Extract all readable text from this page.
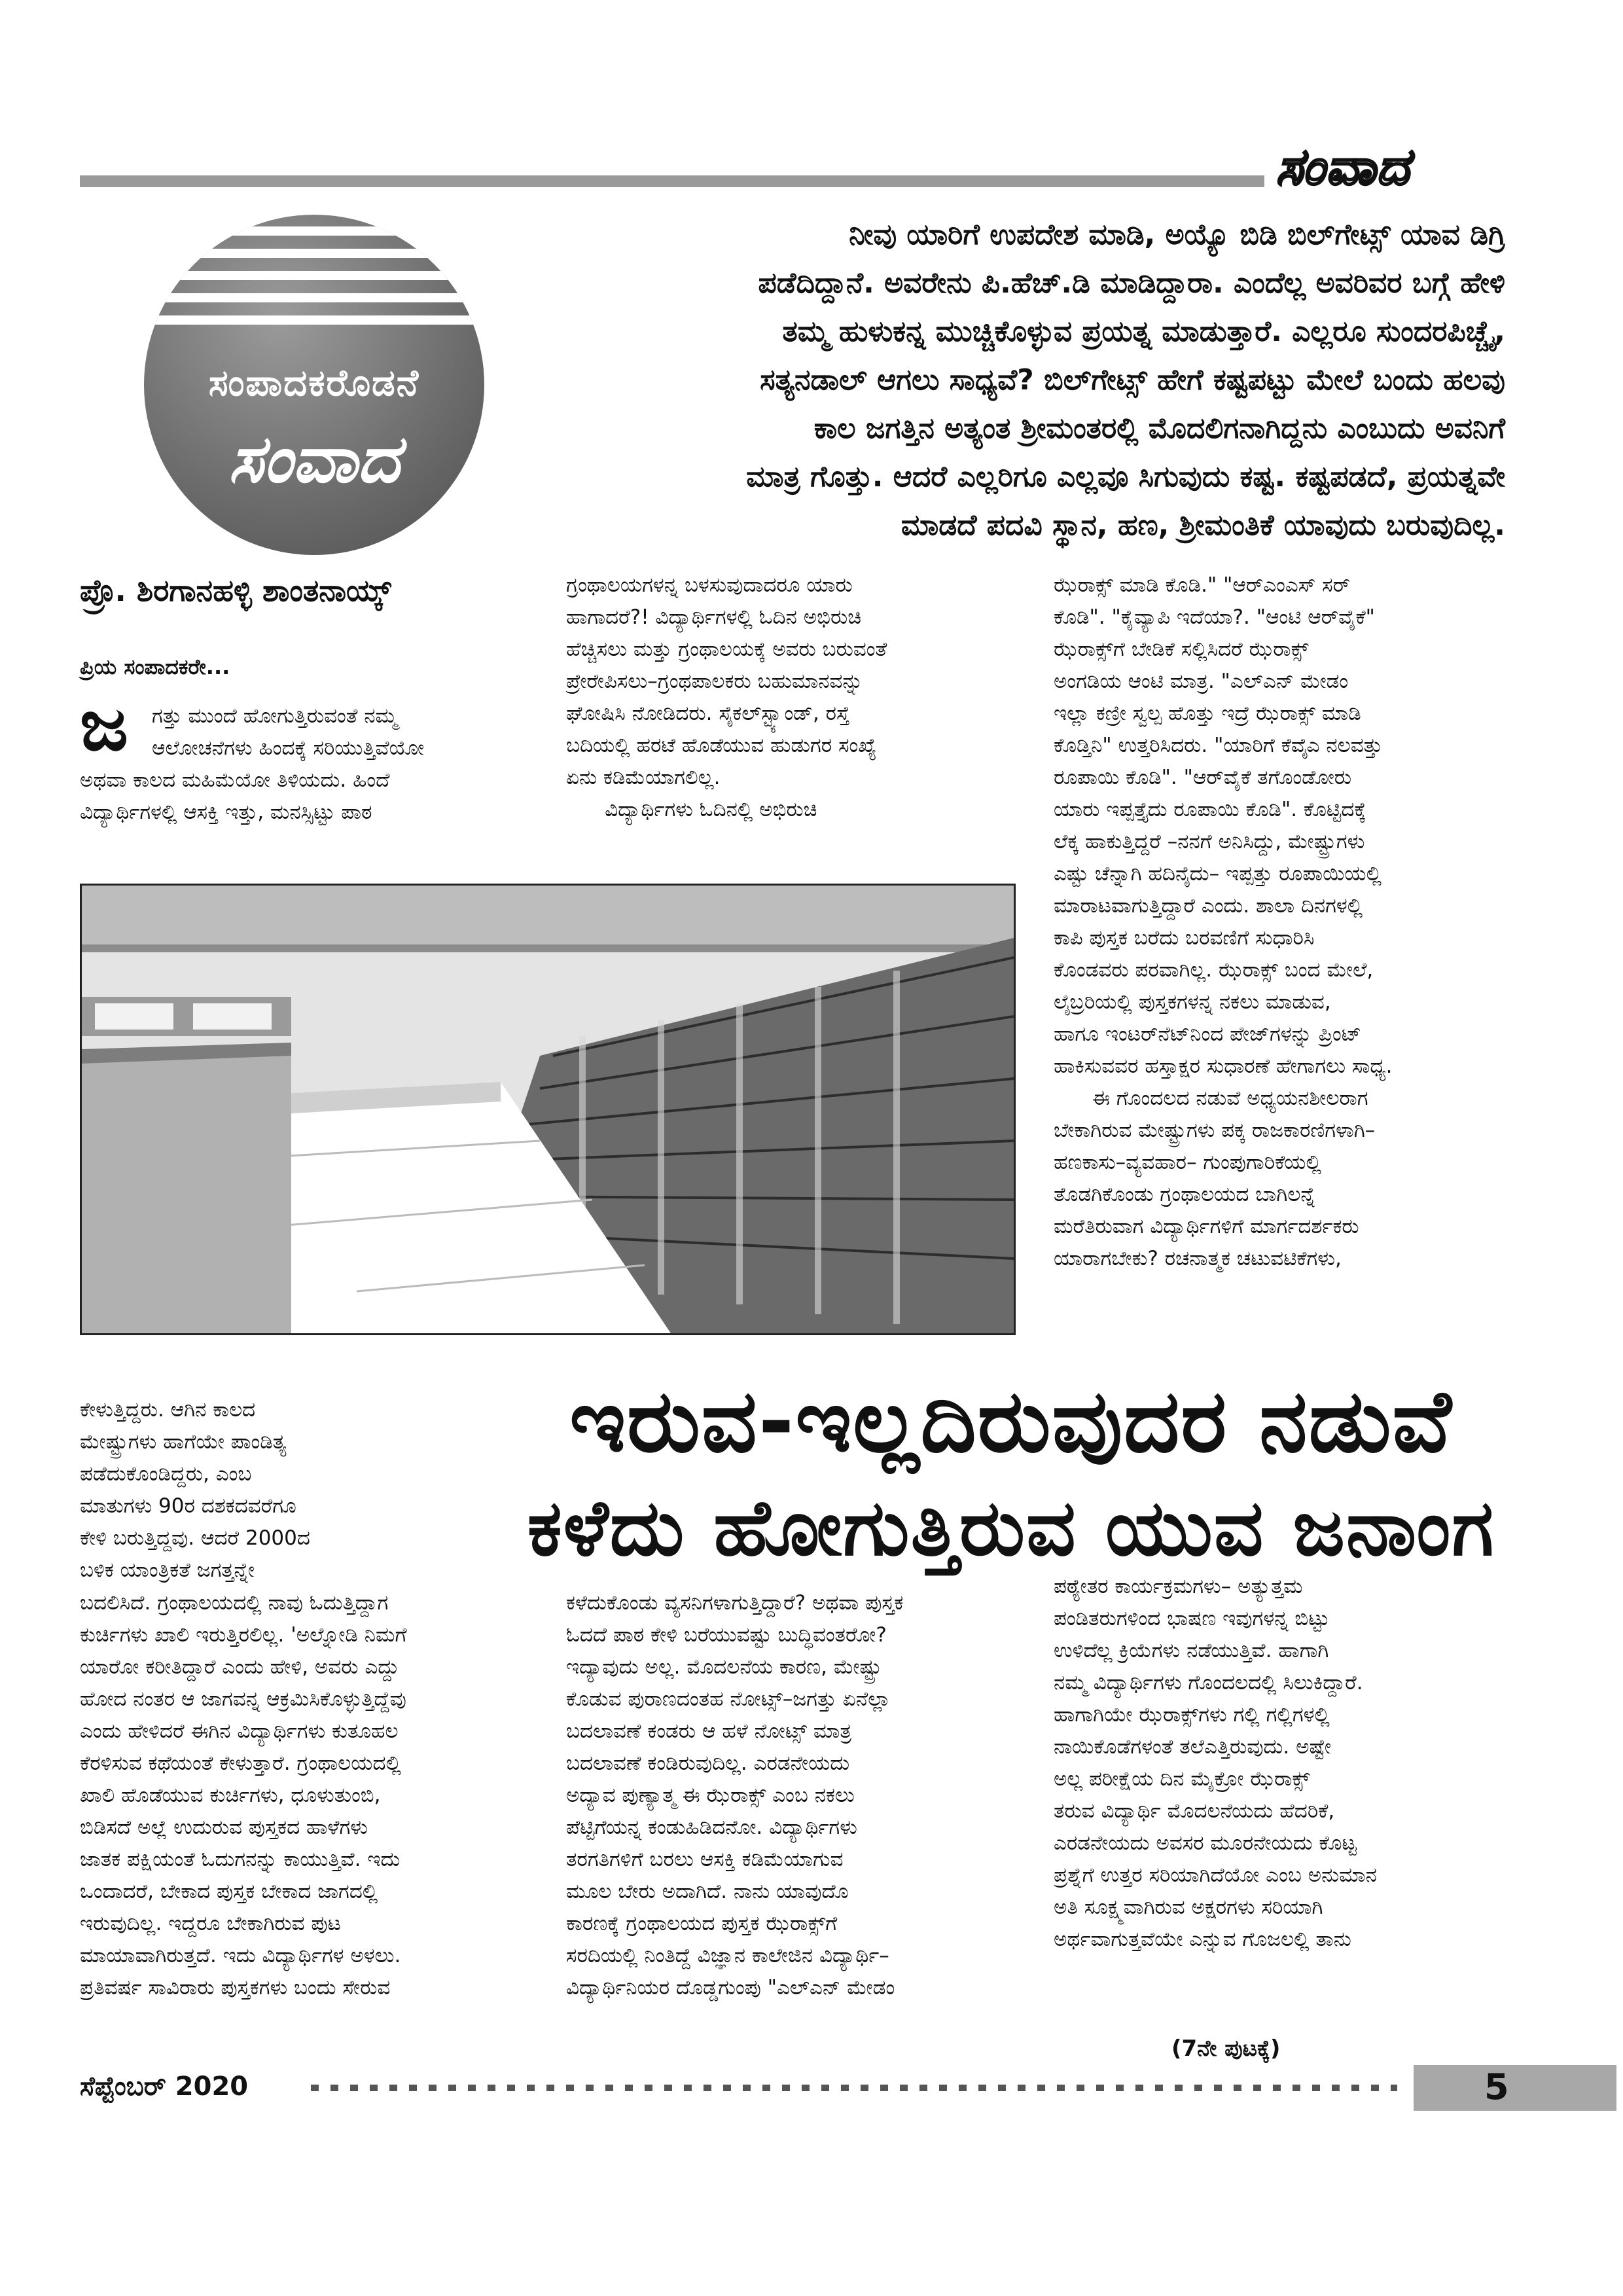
ಸಂವಾದ
ಸಂಪಾದಕರೊಡನೆ
ಸಂವಾದ
ನೀವು ಯಾರಿಗೆ ಉಪದೇಶ ಮಾಡಿ, ಅಯ್ಯೊ ಬಿಡಿ ಬಿಲ್‌ಗೇಟ್ಸ್ ಯಾವ ಡಿಗ್ರಿ
ಪಡೆದಿದ್ದಾನೆ. ಅವರೇನು ಪಿ.ಹೆಚ್.ಡಿ ಮಾಡಿದ್ದಾರಾ. ಎಂದೆಲ್ಲ ಅವರಿವರ ಬಗ್ಗೆ ಹೇಳಿ
ತಮ್ಮ ಹುಳುಕನ್ನ ಮುಚ್ಚಿಕೊಳ್ಳುವ ಪ್ರಯತ್ನ ಮಾಡುತ್ತಾರೆ. ಎಲ್ಲರೂ ಸುಂದರಪಿಚ್ಚೈ,
ಸತ್ಯನಡಾಲ್ ಆಗಲು ಸಾಧ್ಯವೆ? ಬಿಲ್‌ಗೇಟ್ಸ್ ಹೇಗೆ ಕಷ್ಟಪಟ್ಟು ಮೇಲೆ ಬಂದು ಹಲವು
ಕಾಲ ಜಗತ್ತಿನ ಅತ್ಯಂತ ಶ್ರೀಮಂತರಲ್ಲಿ ಮೊದಲಿಗನಾಗಿದ್ದನು ಎಂಬುದು ಅವನಿಗೆ
ಮಾತ್ರ ಗೊತ್ತು. ಆದರೆ ಎಲ್ಲರಿಗೂ ಎಲ್ಲವೂ ಸಿಗುವುದು ಕಷ್ಟ. ಕಷ್ಟಪಡದೆ, ಪ್ರಯತ್ನವೇ
ಮಾಡದೆ ಪದವಿ ಸ್ಥಾನ, ಹಣ, ಶ್ರೀಮಂತಿಕೆ ಯಾವುದು ಬರುವುದಿಲ್ಲ.
ಪ್ರೊ. ಶಿರಗಾನಹಳ್ಳಿ ಶಾಂತನಾಯ್ಕ್
ಪ್ರಿಯ ಸಂಪಾದಕರೇ...
ಜ ಗತ್ತು ಮುಂದೆ ಹೋಗುತ್ತಿರುವಂತೆ ನಮ್ಮ
ಆಲೋಚನೆಗಳು ಹಿಂದಕ್ಕೆ ಸರಿಯುತ್ತಿವೆಯೋ
ಅಥವಾ ಕಾಲದ ಮಹಿಮೆಯೋ ತಿಳಿಯದು. ಹಿಂದೆ
ವಿದ್ಯಾರ್ಥಿಗಳಲ್ಲಿ ಆಸಕ್ತಿ ಇತ್ತು, ಮನಸ್ಸಿಟ್ಟು ಪಾಠ
ಗ್ರಂಥಾಲಯಗಳನ್ನ ಬಳಸುವುದಾದರೂ ಯಾರು
ಹಾಗಾದರೆ?! ವಿದ್ಯಾರ್ಥಿಗಳಲ್ಲಿ ಓದಿನ ಅಭಿರುಚಿ
ಹೆಚ್ಚಿಸಲು ಮತ್ತು ಗ್ರಂಥಾಲಯಕ್ಕೆ ಅವರು ಬರುವಂತೆ
ಪ್ರೇರೇಪಿಸಲು–ಗ್ರಂಥಪಾಲಕರು ಬಹುಮಾನವನ್ನು
ಘೋಷಿಸಿ ನೋಡಿದರು. ಸೈಕಲ್‌ಸ್ಟ್ಯಾಂಡ್, ರಸ್ತೆ
ಬದಿಯಲ್ಲಿ ಹರಟೆ ಹೊಡೆಯುವ ಹುಡುಗರ ಸಂಖ್ಯೆ
ಏನು ಕಡಿಮೆಯಾಗಲಿಲ್ಲ.
ವಿದ್ಯಾರ್ಥಿಗಳು ಓದಿನಲ್ಲಿ ಅಭಿರುಚಿ
ಝೆರಾಕ್ಸ್ ಮಾಡಿ ಕೊಡಿ." "ಆರ್‌ಎಂಎಸ್ ಸರ್
ಕೊಡಿ". "ಕೈವ್ಯಾಪಿ ಇದೆಯಾ?. "ಆಂಟಿ ಆರ್‌ವೈಕೆ"
ಝೆರಾಕ್ಸ್‌ಗೆ ಬೇಡಿಕೆ ಸಲ್ಲಿಸಿದರೆ ಝೆರಾಕ್ಸ್
ಅಂಗಡಿಯ ಆಂಟಿ ಮಾತ್ರ. "ಎಲ್‌ಎನ್ ಮೇಡಂ
ಇಲ್ಲಾ ಕಣ್ರೀ ಸ್ವಲ್ಪ ಹೊತ್ತು ಇದ್ರೆ ಝೆರಾಕ್ಸ್ ಮಾಡಿ
ಕೊಡ್ತಿನಿ" ಉತ್ತರಿಸಿದರು. "ಯಾರಿಗೆ ಕೆವೈಎ ನಲವತ್ತು
ರೂಪಾಯಿ ಕೊಡಿ". "ಆರ್‌ವೈಕೆ ತಗೊಂಡೋರು
ಯಾರು ಇಪ್ಪತ್ತೈದು ರೂಪಾಯಿ ಕೊಡಿ". ಕೊಟ್ಟಿದಕ್ಕೆ
ಲೆಕ್ಕ ಹಾಕುತ್ತಿದ್ದರೆ –ನನಗೆ ಅನಿಸಿದ್ದು, ಮೇಷ್ಟ್ರುಗಳು
ಎಷ್ಟು ಚೆನ್ನಾಗಿ ಹದಿನೈದು– ಇಪ್ಪತ್ತು ರೂಪಾಯಿಯಲ್ಲಿ
ಮಾರಾಟವಾಗುತ್ತಿದ್ದಾರೆ ಎಂದು. ಶಾಲಾ ದಿನಗಳಲ್ಲಿ
ಕಾಪಿ ಪುಸ್ತಕ ಬರೆದು ಬರವಣಿಗೆ ಸುಧಾರಿಸಿ
ಕೊಂಡವರು ಪರವಾಗಿಲ್ಲ. ಝೆರಾಕ್ಸ್ ಬಂದ ಮೇಲೆ,
ಲೈಬ್ರರಿಯಲ್ಲಿ ಪುಸ್ತಕಗಳನ್ನ ನಕಲು ಮಾಡುವ,
ಹಾಗೂ ಇಂಟರ್‌ನೆಟ್‌ನಿಂದ ಪೇಜ್‌ಗಳನ್ನು ಪ್ರಿಂಟ್
ಹಾಕಿಸುವವರ ಹಸ್ತಾಕ್ಷರ ಸುಧಾರಣೆ ಹೇಗಾಗಲು ಸಾಧ್ಯ.
ಈ ಗೊಂದಲದ ನಡುವೆ ಅಧ್ಯಯನಶೀಲರಾಗ
ಬೇಕಾಗಿರುವ ಮೇಷ್ಟ್ರುಗಳು ಪಕ್ಕ ರಾಜಕಾರಣಿಗಳಾಗಿ–
ಹಣಕಾಸು–ವ್ಯವಹಾರ– ಗುಂಪುಗಾರಿಕೆಯಲ್ಲಿ
ತೊಡಗಿಕೊಂಡು ಗ್ರಂಥಾಲಯದ ಬಾಗಿಲನ್ನೆ
ಮರೆತಿರುವಾಗ ವಿದ್ಯಾರ್ಥಿಗಳಿಗೆ ಮಾರ್ಗದರ್ಶಕರು
ಯಾರಾಗಬೇಕು? ರಚನಾತ್ಮಕ ಚಟುವಟಿಕೆಗಳು,
ಇರುವ-ಇಲ್ಲದಿರುವುದರ ನಡುವೆ
ಕಳೆದು ಹೋಗುತ್ತಿರುವ ಯುವ ಜನಾಂಗ
ಕೇಳುತ್ತಿದ್ದರು. ಆಗಿನ ಕಾಲದ
ಮೇಷ್ಟ್ರುಗಳು ಹಾಗೆಯೇ ಪಾಂಡಿತ್ಯ
ಪಡೆದುಕೊಂಡಿದ್ದರು, ಎಂಬ
ಮಾತುಗಳು 90ರ ದಶಕದವರೆಗೂ
ಕೇಳಿ ಬರುತ್ತಿದ್ದವು. ಆದರೆ 2000ದ
ಬಳಿಕ ಯಾಂತ್ರಿಕತೆ ಜಗತ್ತನ್ನೇ
ಬದಲಿಸಿದೆ. ಗ್ರಂಥಾಲಯದಲ್ಲಿ ನಾವು ಓದುತ್ತಿದ್ದಾಗ
ಕುರ್ಚಿಗಳು ಖಾಲಿ ಇರುತ್ತಿರಲಿಲ್ಲ. 'ಅಲ್ನೋಡಿ ನಿಮಗೆ
ಯಾರೋ ಕರೀತಿದ್ದಾರೆ ಎಂದು ಹೇಳಿ, ಅವರು ಎದ್ದು
ಹೋದ ನಂತರ ಆ ಜಾಗವನ್ನ ಆಕ್ರಮಿಸಿಕೊಳ್ಳುತ್ತಿದ್ದೆವು
ಎಂದು ಹೇಳಿದರೆ ಈಗಿನ ವಿದ್ಯಾರ್ಥಿಗಳು ಕುತೂಹಲ
ಕೆರಳಿಸುವ ಕಥೆಯಂತೆ ಕೇಳುತ್ತಾರೆ. ಗ್ರಂಥಾಲಯದಲ್ಲಿ
ಖಾಲಿ ಹೊಡೆಯುವ ಕುರ್ಚಿಗಳು, ಧೂಳುತುಂಬಿ,
ಬಿಡಿಸದೆ ಅಲ್ಲೆ ಉದುರುವ ಪುಸ್ತಕದ ಹಾಳೆಗಳು
ಜಾತಕ ಪಕ್ಷಿಯಂತೆ ಓದುಗನನ್ನು ಕಾಯುತ್ತಿವೆ. ಇದು
ಒಂದಾದರೆ, ಬೇಕಾದ ಪುಸ್ತಕ ಬೇಕಾದ ಜಾಗದಲ್ಲಿ
ಇರುವುದಿಲ್ಲ. ಇದ್ದರೂ ಬೇಕಾಗಿರುವ ಪುಟ
ಮಾಯಾವಾಗಿರುತ್ತದೆ. ಇದು ವಿದ್ಯಾರ್ಥಿಗಳ ಅಳಲು.
ಪ್ರತಿವರ್ಷ ಸಾವಿರಾರು ಪುಸ್ತಕಗಳು ಬಂದು ಸೇರುವ
ಕಳೆದುಕೊಂಡು ವ್ಯಸನಿಗಳಾಗುತ್ತಿದ್ದಾರೆ? ಅಥವಾ ಪುಸ್ತಕ
ಓದದೆ ಪಾಠ ಕೇಳಿ ಬರೆಯುವಷ್ಟು ಬುದ್ಧಿವಂತರೋ?
ಇದ್ಯಾವುದು ಅಲ್ಲ. ಮೊದಲನೆಯ ಕಾರಣ, ಮೇಷ್ಟ್ರು
ಕೊಡುವ ಪುರಾಣದಂತಹ ನೋಟ್ಸ್–ಜಗತ್ತು ಏನೆಲ್ಲಾ
ಬದಲಾವಣೆ ಕಂಡರು ಆ ಹಳೆ ನೋಟ್ಸ್ ಮಾತ್ರ
ಬದಲಾವಣೆ ಕಂಡಿರುವುದಿಲ್ಲ. ಎರಡನೇಯದು
ಅದ್ಯಾವ ಪುಣ್ಯಾತ್ಮ ಈ ಝೆರಾಕ್ಸ್ ಎಂಬ ನಕಲು
ಪೆಟ್ಟಿಗೆಯನ್ನ ಕಂಡುಹಿಡಿದನೋ. ವಿದ್ಯಾರ್ಥಿಗಳು
ತರಗತಿಗಳಿಗೆ ಬರಲು ಆಸಕ್ತಿ ಕಡಿಮೆಯಾಗುವ
ಮೂಲ ಬೇರು ಅದಾಗಿದೆ. ನಾನು ಯಾವುದೊ
ಕಾರಣಕ್ಕೆ ಗ್ರಂಥಾಲಯದ ಪುಸ್ತಕ ಝೆರಾಕ್ಸ್‌ಗೆ
ಸರದಿಯಲ್ಲಿ ನಿಂತಿದ್ದೆ ವಿಜ್ಞಾನ ಕಾಲೇಜಿನ ವಿದ್ಯಾರ್ಥಿ–
ವಿದ್ಯಾರ್ಥಿನಿಯರ ದೊಡ್ಡಗುಂಪು "ಎಲ್‌ಎನ್ ಮೇಡಂ
ಪಠ್ಯೇತರ ಕಾರ್ಯಕ್ರಮಗಳು– ಅತ್ಯುತ್ತಮ
ಪಂಡಿತರುಗಳಿಂದ ಭಾಷಣ ಇವುಗಳನ್ನ ಬಿಟ್ಟು
ಉಳಿದೆಲ್ಲ ಕ್ರಿಯೆಗಳು ನಡೆಯುತ್ತಿವೆ. ಹಾಗಾಗಿ
ನಮ್ಮ ವಿದ್ಯಾರ್ಥಿಗಳು ಗೊಂದಲದಲ್ಲಿ ಸಿಲುಕಿದ್ದಾರೆ.
ಹಾಗಾಗಿಯೇ ಝೆರಾಕ್ಸ್‌ಗಳು ಗಲ್ಲಿ ಗಲ್ಲಿಗಳಲ್ಲಿ
ನಾಯಿಕೊಡೆಗಳಂತೆ ತಲೆಎತ್ತಿರುವುದು. ಅಷ್ಟೇ
ಅಲ್ಲ ಪರೀಕ್ಷೆಯ ದಿನ ಮೈಕ್ರೋ ಝೆರಾಕ್ಸ್
ತರುವ ವಿದ್ಯಾರ್ಥಿ ಮೊದಲನೆಯದು ಹೆದರಿಕೆ,
ಎರಡನೇಯದು ಅವಸರ ಮೂರನೇಯದು ಕೊಟ್ಟ
ಪ್ರಶ್ನೆಗೆ ಉತ್ತರ ಸರಿಯಾಗಿದೆಯೋ ಎಂಬ ಅನುಮಾನ
ಅತಿ ಸೂಕ್ಷ್ಮವಾಗಿರುವ ಅಕ್ಷರಗಳು ಸರಿಯಾಗಿ
ಅರ್ಥವಾಗುತ್ತವೆಯೇ ಎನ್ನುವ ಗೊಜಲಲ್ಲಿ ತಾನು
(7ನೇ ಪುಟಕ್ಕೆ)
ಸೆಪ್ಟೆಂಬರ್ 2020	5
